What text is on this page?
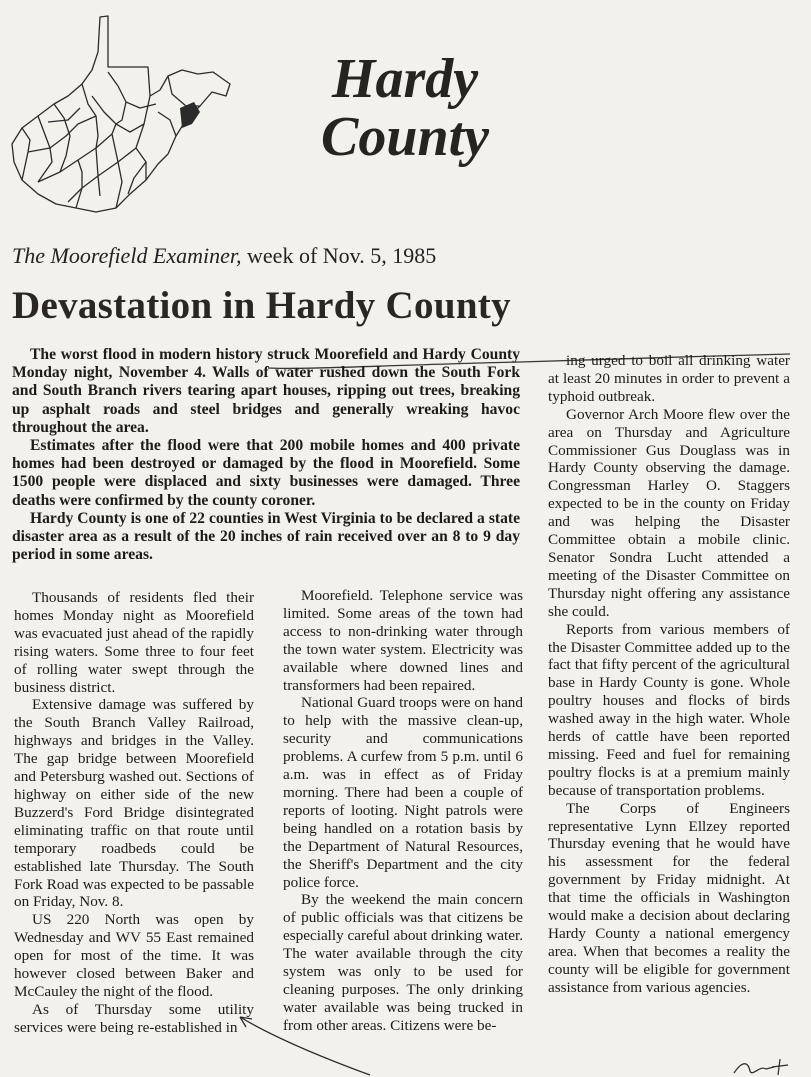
Hardy
County
The Moorefield Examiner, week of Nov. 5, 1985
Devastation in Hardy County

The worst flood in modern history struck Moorefield and Hardy County Monday night, November 4. Walls of water rushed down the South Fork and South Branch rivers tearing apart houses, ripping out trees, breaking up asphalt roads and steel bridges and generally wreaking havoc throughout the area.

Estimates after the flood were that 200 mobile homes and 400 private homes had been destroyed or damaged by the flood in Moorefield. Some 1500 people were displaced and sixty businesses were damaged. Three deaths were confirmed by the county coroner.

Hardy County is one of 22 counties in West Virginia to be declared a state disaster area as a result of the 20 inches of rain received over an 8 to 9 day period in some areas.

Thousands of residents fled their homes Monday night as Moorefield was evacuated just ahead of the rapidly rising waters. Some three to four feet of rolling water swept through the business district.

Extensive damage was suffered by the South Branch Valley Railroad, highways and bridges in the Valley. The gap bridge between Moorefield and Petersburg washed out. Sections of highway on either side of the new Buzzerd's Ford Bridge disintegrated eliminating traffic on that route until temporary roadbeds could be established late Thursday. The South Fork Road was expected to be passable on Friday, Nov. 8.

US 220 North was open by Wednesday and WV 55 East remained open for most of the time. It was however closed between Baker and McCauley the night of the flood.

As of Thursday some utility services were being re-established in

Moorefield. Telephone service was limited. Some areas of the town had access to non-drinking water through the town water system. Electricity was available where downed lines and transformers had been repaired.

National Guard troops were on hand to help with the massive clean-up, security and communications problems. A curfew from 5 p.m. until 6 a.m. was in effect as of Friday morning. There had been a couple of reports of looting. Night patrols were being handled on a rotation basis by the Department of Natural Resources, the Sheriff's Department and the city police force.

By the weekend the main concern of public officials was that citizens be especially careful about drinking water. The water available through the city system was only to be used for cleaning purposes. The only drinking water available was being trucked in from other areas. Citizens were be-

ing urged to boil all drinking water at least 20 minutes in order to prevent a typhoid outbreak.

Governor Arch Moore flew over the area on Thursday and Agriculture Commissioner Gus Douglass was in Hardy County observing the damage. Congressman Harley O. Staggers expected to be in the county on Friday and was helping the Disaster Committee obtain a mobile clinic. Senator Sondra Lucht attended a meeting of the Disaster Committee on Thursday night offering any assistance she could.

Reports from various members of the Disaster Committee added up to the fact that fifty percent of the agricultural base in Hardy County is gone. Whole poultry houses and flocks of birds washed away in the high water. Whole herds of cattle have been reported missing. Feed and fuel for remaining poultry flocks is at a premium mainly because of transportation problems.

The Corps of Engineers representative Lynn Ellzey reported Thursday evening that he would have his assessment for the federal government by Friday midnight. At that time the officials in Washington would make a decision about declaring Hardy County a national emergency area. When that becomes a reality the county will be eligible for government assistance from various agencies.
